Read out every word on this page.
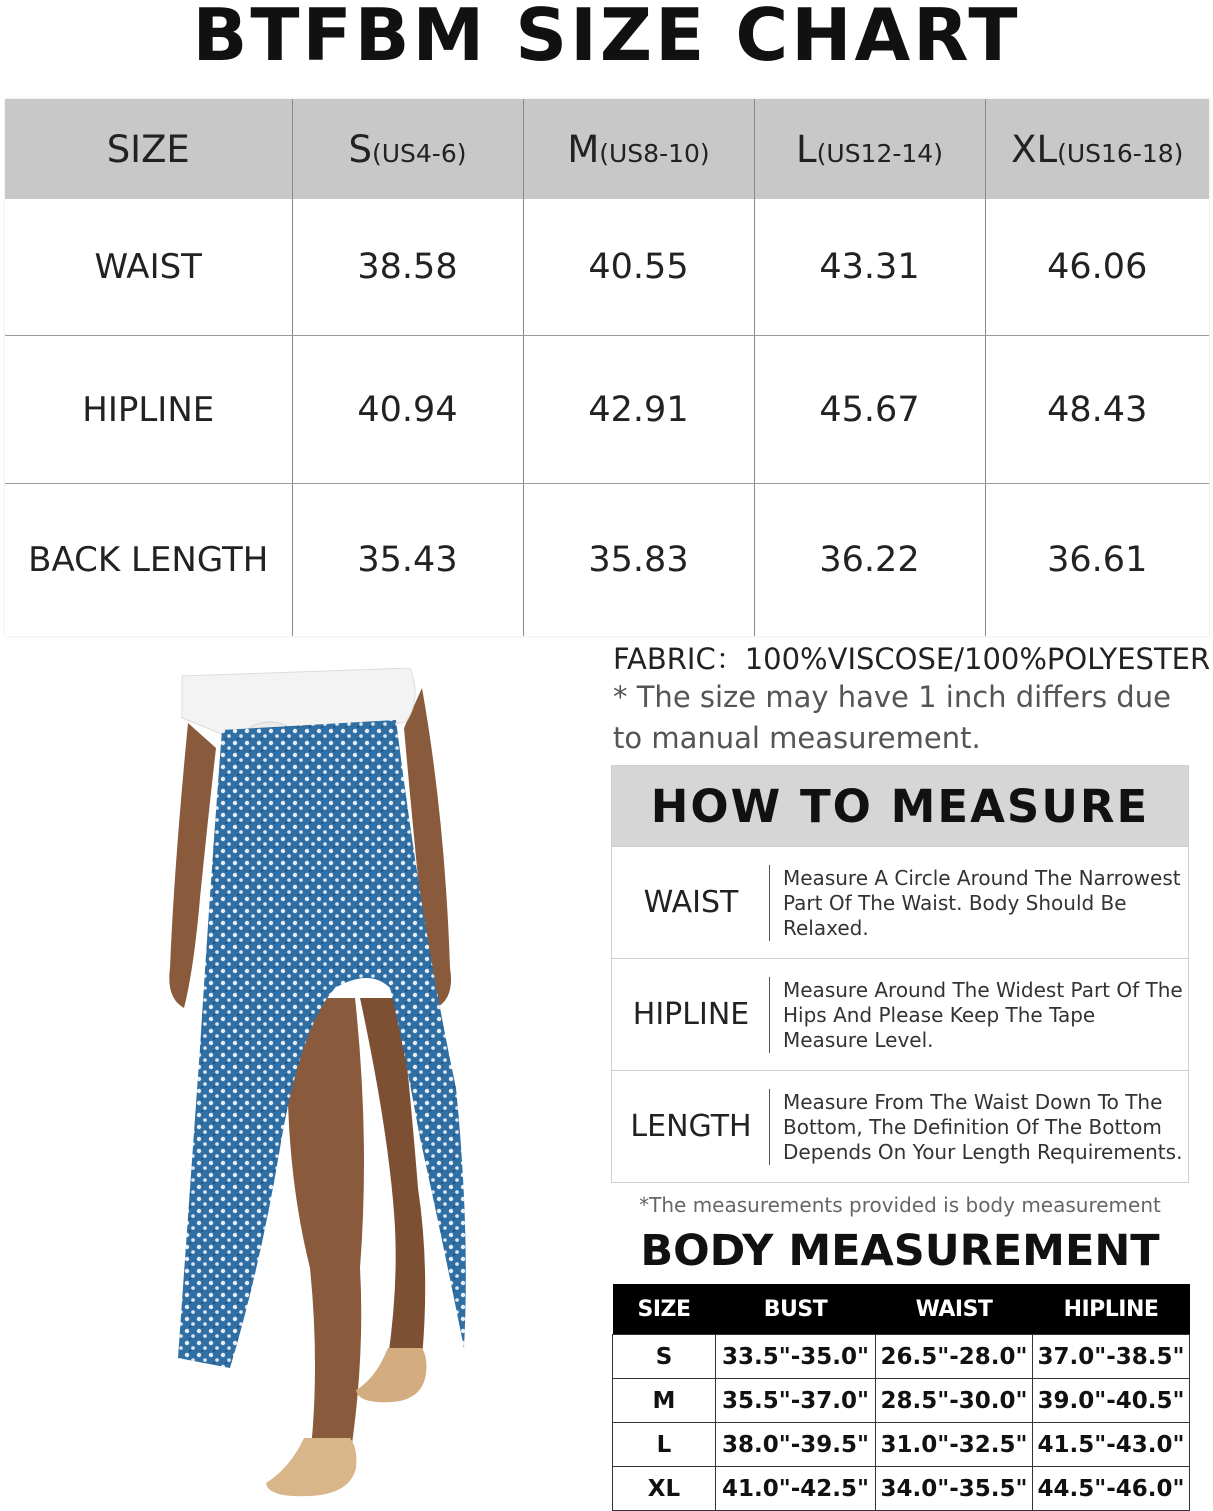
BTFBM SIZE CHART
SIZE	S(US4-6)	M(US8-10)	L(US12-14)	XL(US16-18)
WAIST	38.58	40.55	43.31	46.06
HIPLINE	40.94	42.91	45.67	48.43
BACK LENGTH	35.43	35.83	36.22	36.61
FABRIC：100%VISCOSE/100%POLYESTER
* The size may have 1 inch differs due to manual measurement.
HOW TO MEASURE
WAIST
Measure A Circle Around The Narrowest Part Of The Waist. Body Should Be Relaxed.
HIPLINE
Measure Around The Widest Part Of The Hips And Please Keep The Tape Measure Level.
LENGTH
Measure From The Waist Down To The Bottom, The Definition Of The Bottom Depends On Your Length Requirements.
*The measurements provided is body measurement
BODY MEASUREMENT
SIZE	BUST	WAIST	HIPLINE
S	33.5"-35.0"	26.5"-28.0"	37.0"-38.5"
M	35.5"-37.0"	28.5"-30.0"	39.0"-40.5"
L	38.0"-39.5"	31.0"-32.5"	41.5"-43.0"
XL	41.0"-42.5"	34.0"-35.5"	44.5"-46.0"
